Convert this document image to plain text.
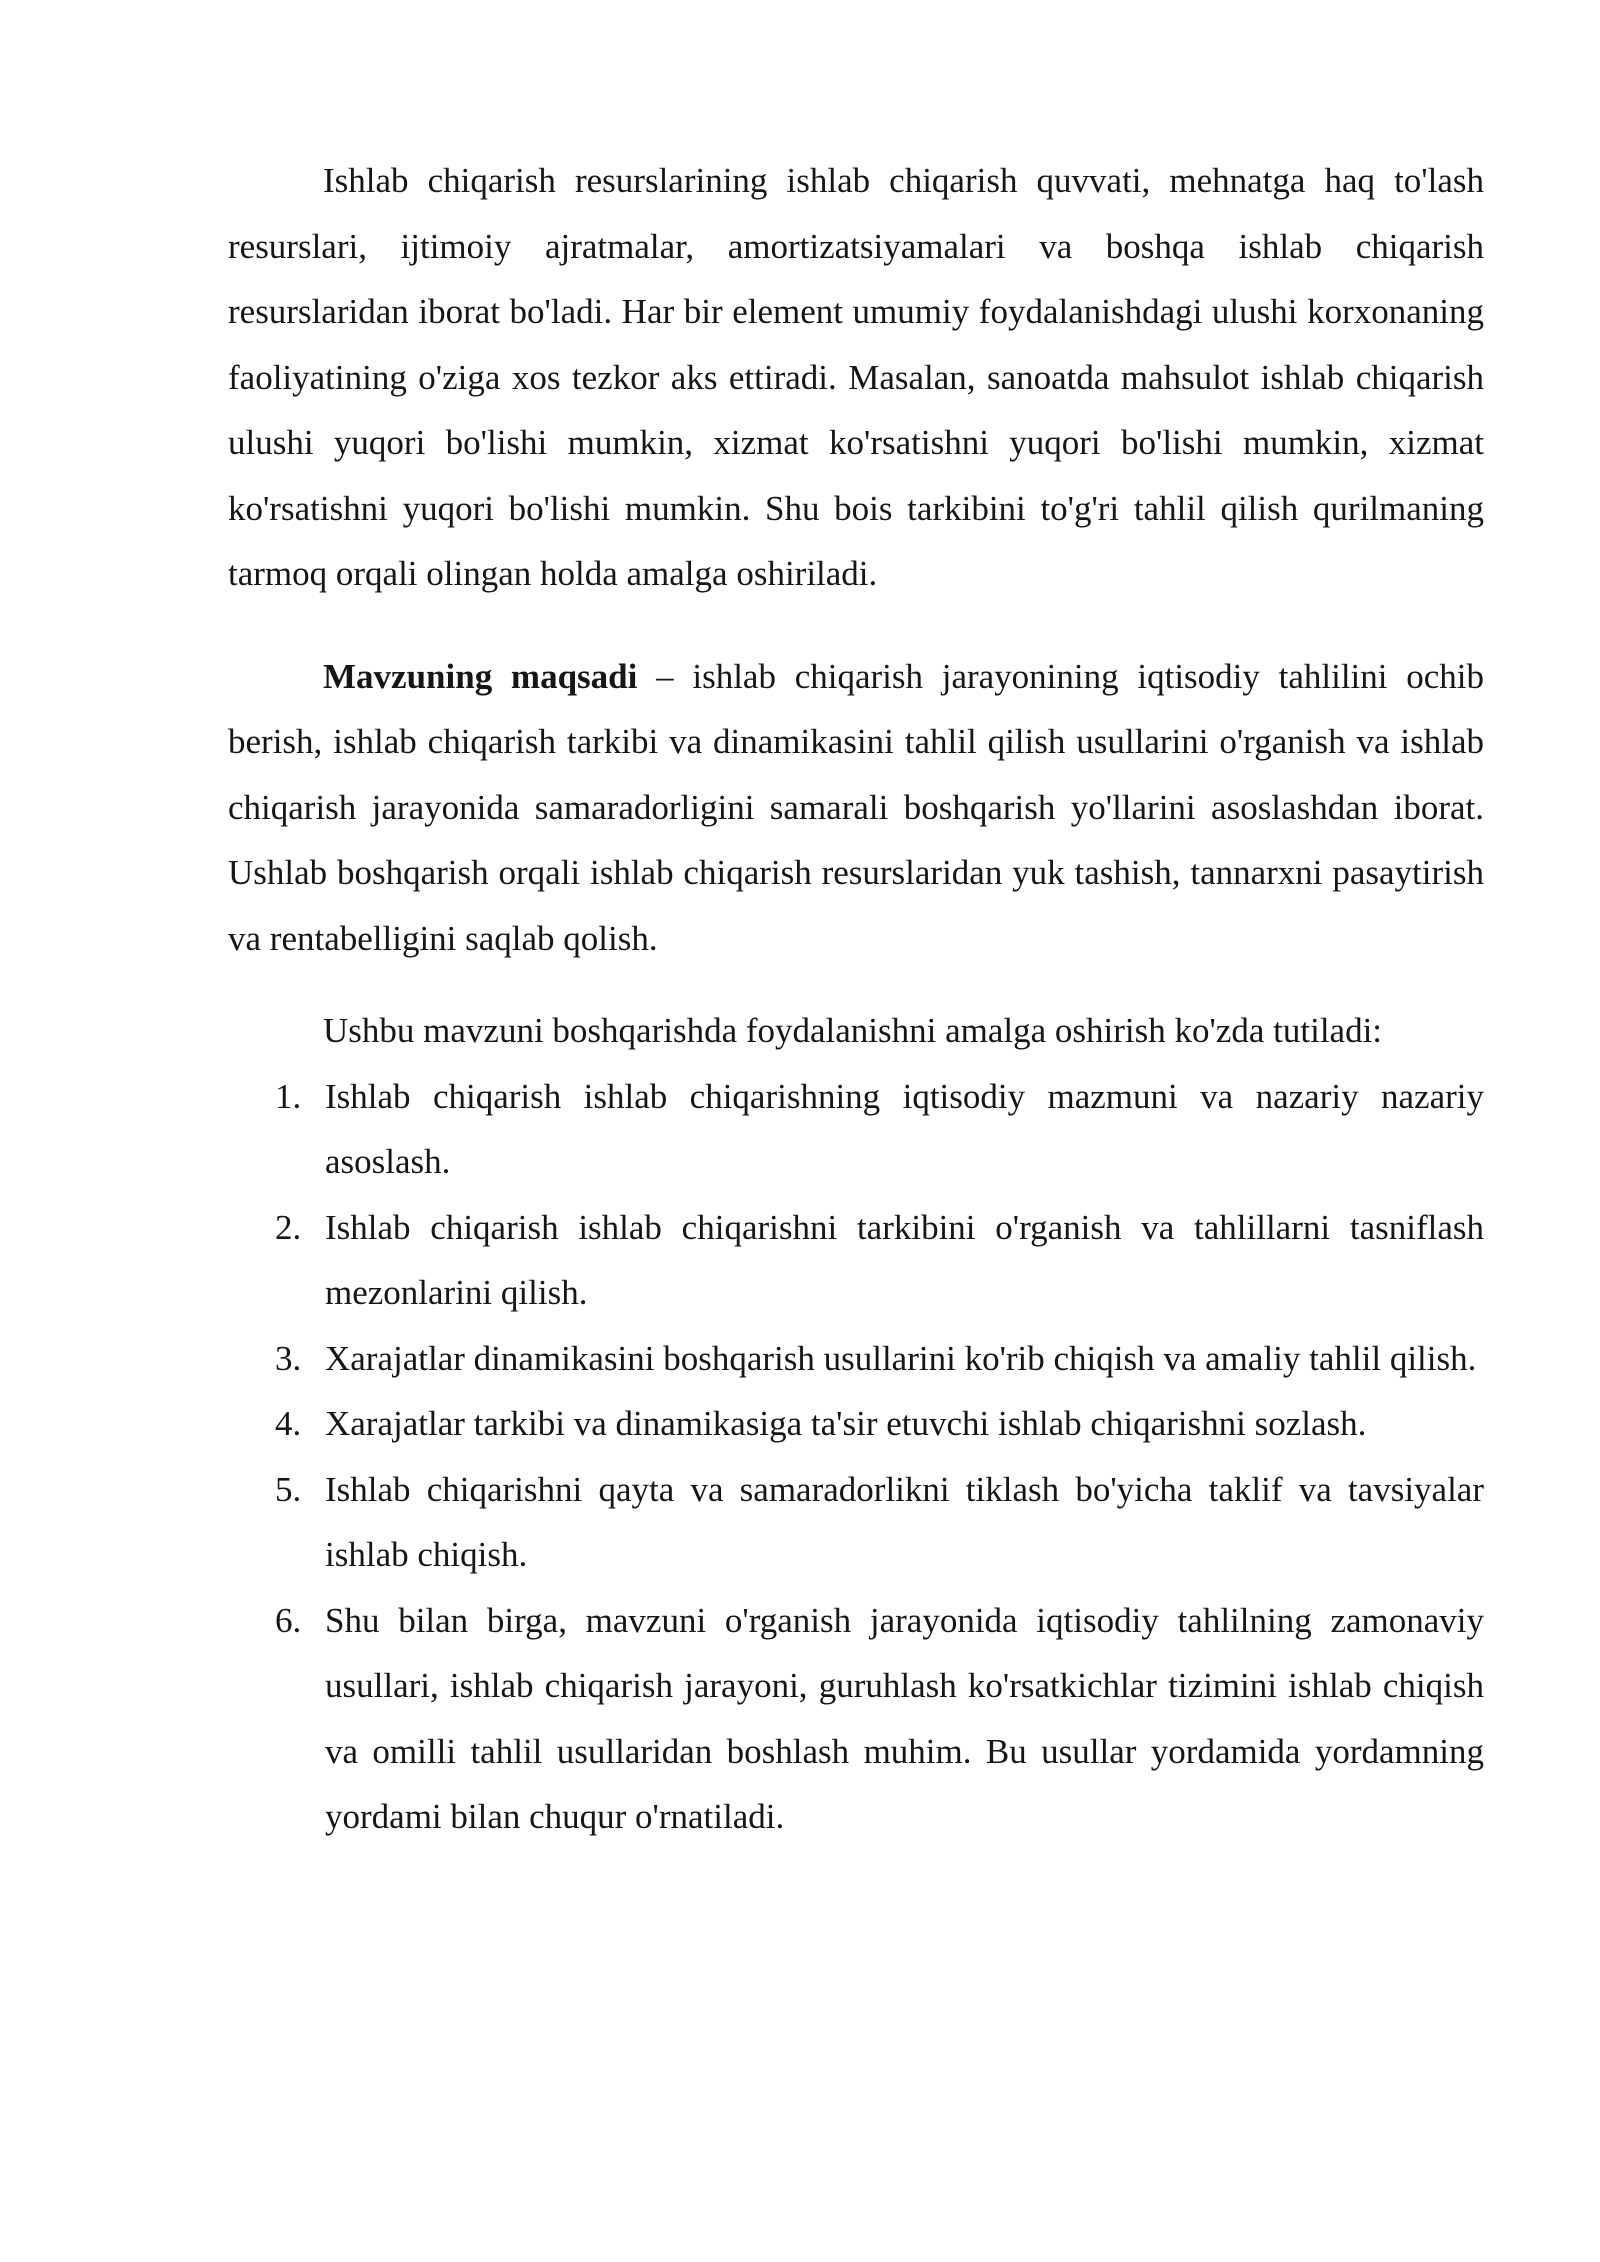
Ishlab chiqarish resurslarining ishlab chiqarish quvvati, mehnatga haq to'lash resurslari, ijtimoiy ajratmalar, amortizatsiyamalari va boshqa ishlab chiqarish resurslaridan iborat bo'ladi. Har bir element umumiy foydalanishdagi ulushi korxonaning faoliyatining o'ziga xos tezkor aks ettiradi. Masalan, sanoatda mahsulot ishlab chiqarish ulushi yuqori bo'lishi mumkin, xizmat ko'rsatishni yuqori bo'lishi mumkin, xizmat ko'rsatishni yuqori bo'lishi mumkin. Shu bois tarkibini to'g'ri tahlil qilish qurilmaning tarmoq orqali olingan holda amalga oshiriladi.

Mavzuning maqsadi – ishlab chiqarish jarayonining iqtisodiy tahlilini ochib berish, ishlab chiqarish tarkibi va dinamikasini tahlil qilish usullarini o'rganish va ishlab chiqarish jarayonida samaradorligini samarali boshqarish yo'llarini asoslashdan iborat. Ushlab boshqarish orqali ishlab chiqarish resurslaridan yuk tashish, tannarxni pasaytirish va rentabelligini saqlab qolish.

Ushbu mavzuni boshqarishda foydalanishni amalga oshirish ko'zda tutiladi:

1. Ishlab chiqarish ishlab chiqarishning iqtisodiy mazmuni va nazariy nazariy asoslash.
2. Ishlab chiqarish ishlab chiqarishni tarkibini o'rganish va tahlillarni tasniflash mezonlarini qilish.
3. Xarajatlar dinamikasini boshqarish usullarini ko'rib chiqish va amaliy tahlil qilish.
4. Xarajatlar tarkibi va dinamikasiga ta'sir etuvchi ishlab chiqarishni sozlash.
5. Ishlab chiqarishni qayta va samaradorlikni tiklash bo'yicha taklif va tavsiyalar ishlab chiqish.
6. Shu bilan birga, mavzuni o'rganish jarayonida iqtisodiy tahlilning zamonaviy usullari, ishlab chiqarish jarayoni, guruhlash ko'rsatkichlar tizimini ishlab chiqish va omilli tahlil usullaridan boshlash muhim. Bu usullar yordamida yordamning yordami bilan chuqur o'rnatiladi.
